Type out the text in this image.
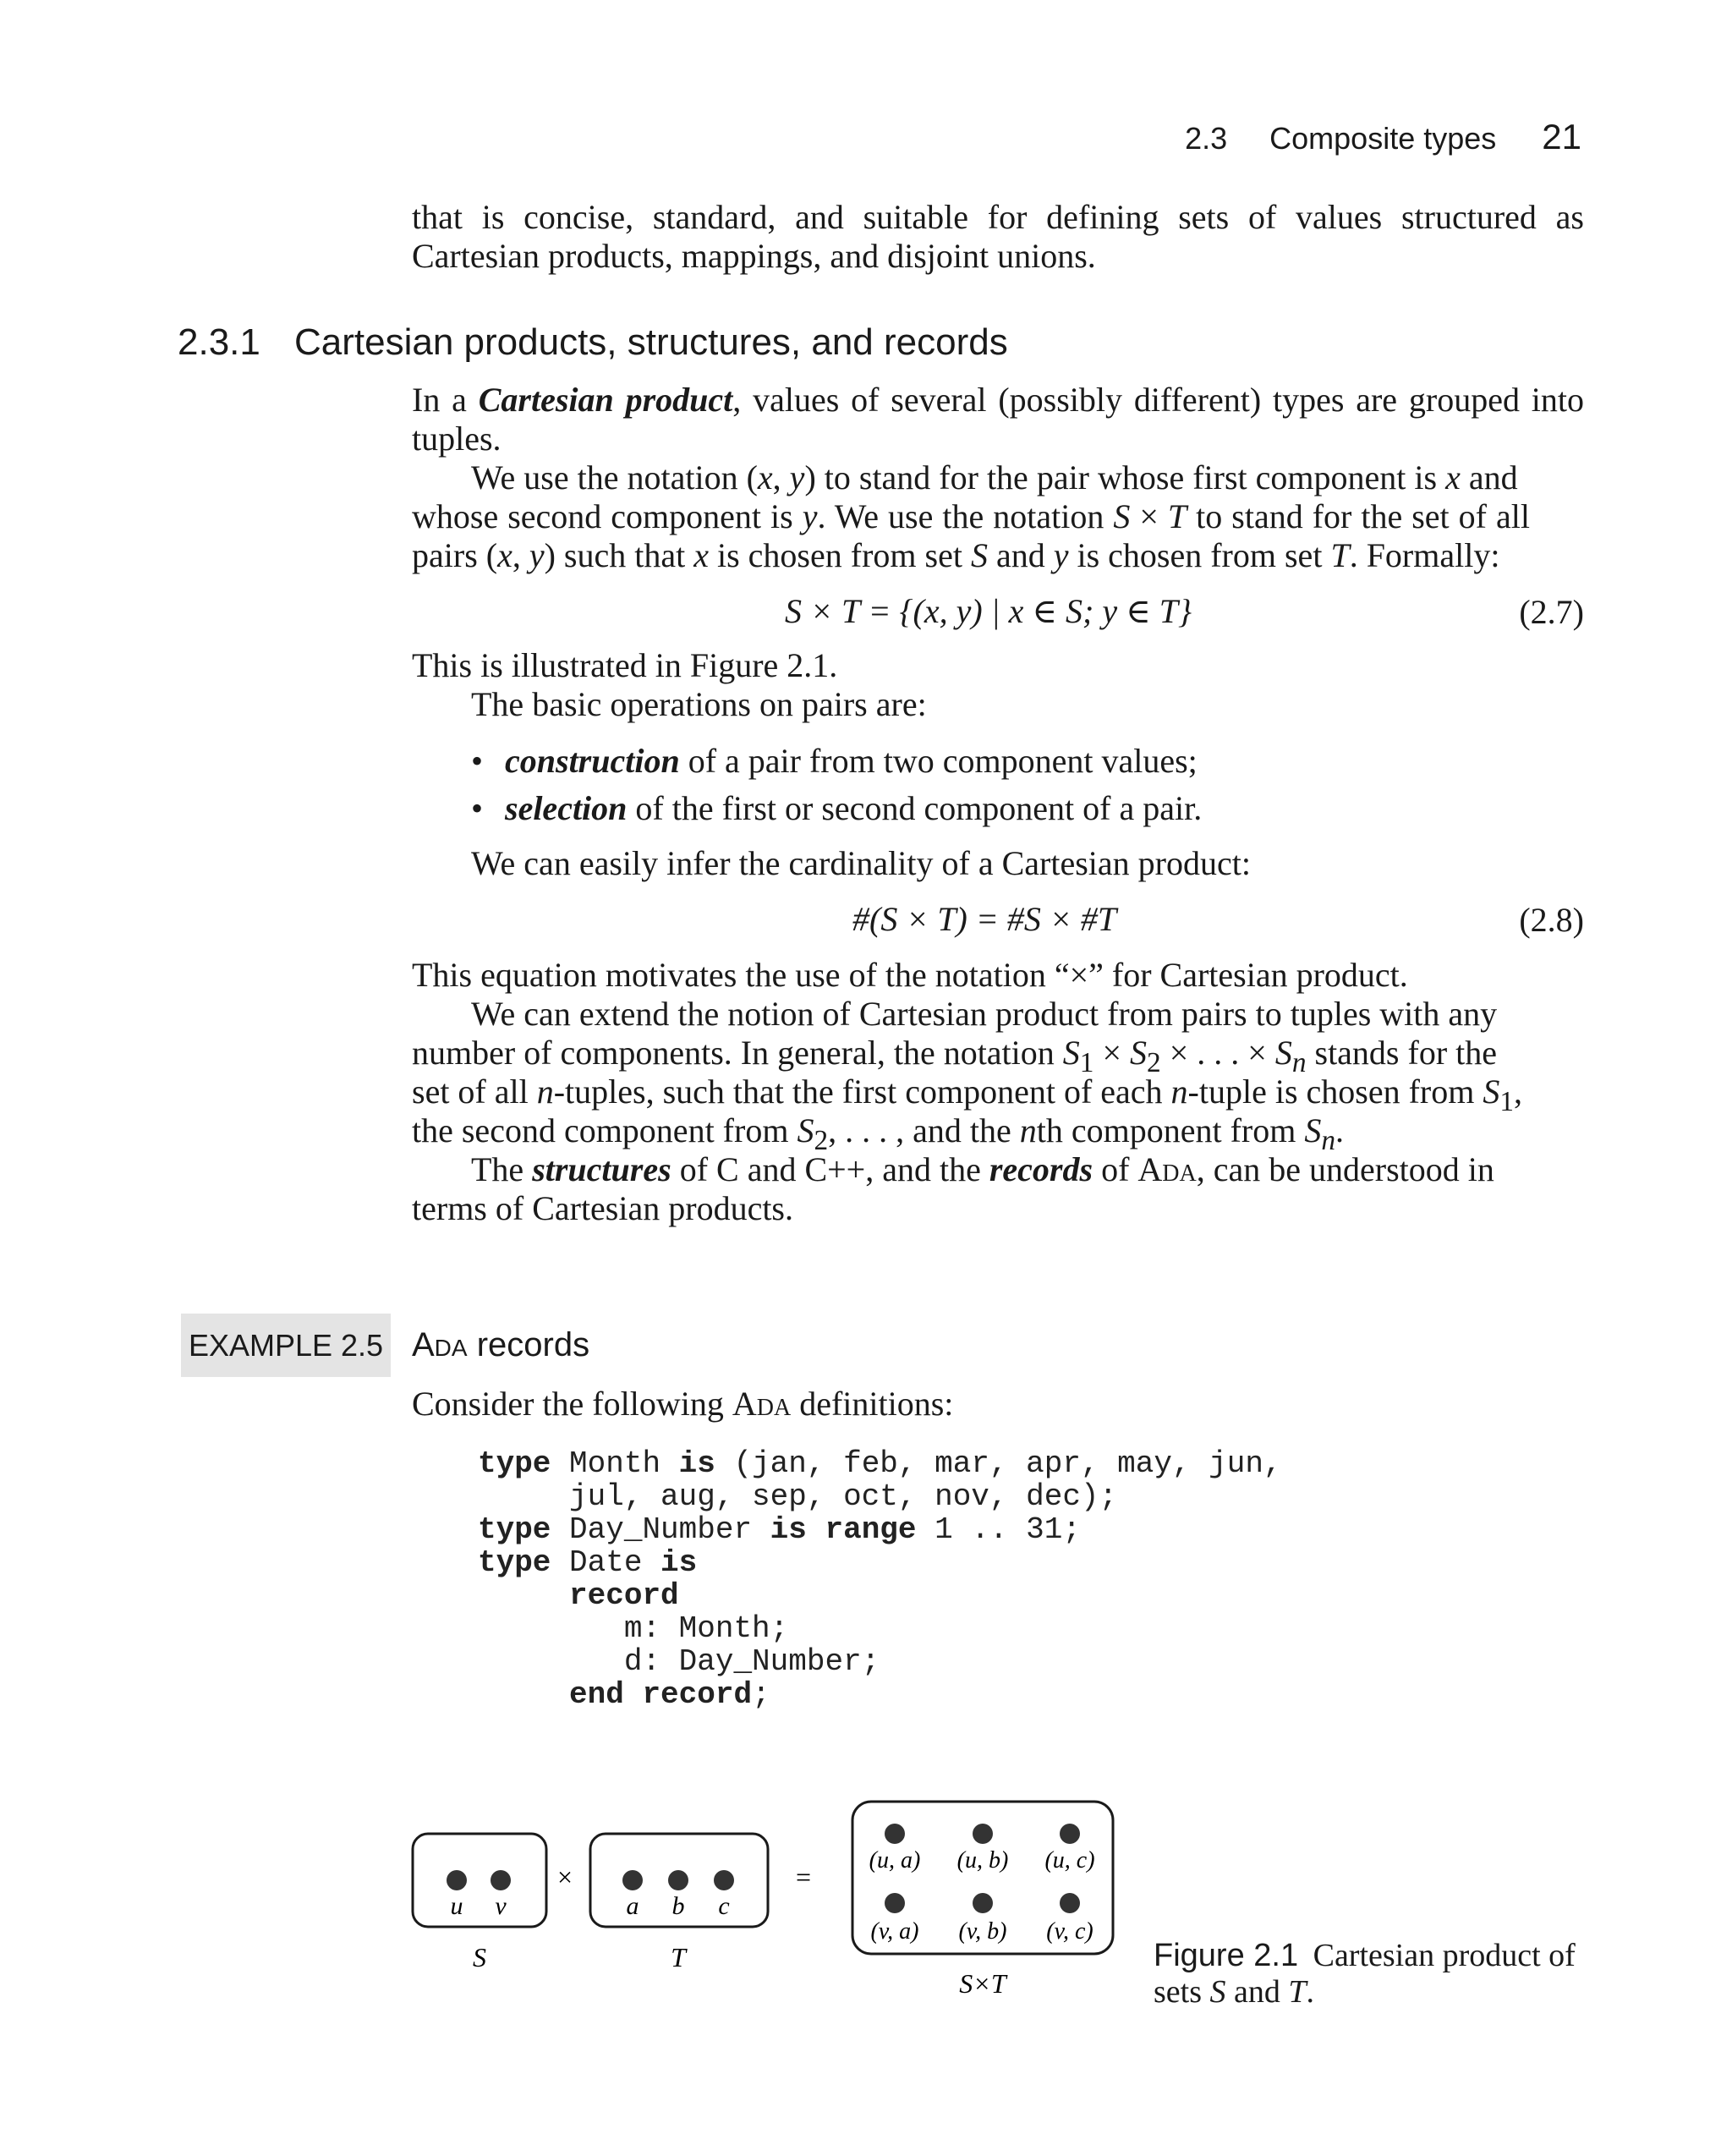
2.3 Composite types 21
that is concise, standard, and suitable for defining sets of values structured as
Cartesian products, mappings, and disjoint unions.
2.3.1 Cartesian products, structures, and records
In a Cartesian product, values of several (possibly different) types are grouped into tuples.
We use the notation (x, y) to stand for the pair whose first component is x and
whose second component is y. We use the notation S × T to stand for the set of all
pairs (x, y) such that x is chosen from set S and y is chosen from set T. Formally:
S × T = {(x, y) | x ∈ S; y ∈ T}	(2.7)
This is illustrated in Figure 2.1.
The basic operations on pairs are:
• construction of a pair from two component values;
• selection of the first or second component of a pair.
We can easily infer the cardinality of a Cartesian product:
#(S × T) = #S × #T	(2.8)
This equation motivates the use of the notation “×” for Cartesian product.
We can extend the notion of Cartesian product from pairs to tuples with any
number of components. In general, the notation $S_1 \times S_2$ × . . . × $S_n$ stands for the
set of all n-tuples, such that the first component of each n-tuple is chosen from $S_1$,
the second component from $S_2$, . . . , and the nth component from $S_n$.
The structures of C and C++, and the records of Ada, can be understood in
terms of Cartesian products.
EXAMPLE 2.5 Ada records
Consider the following Ada definitions:
type Month is (jan, feb, mar, apr, may, jun,
jul, aug, sep, oct, nov, dec);
type Day_Number is range 1 .. 31;
type Date is
record
m: Month;
d: Day_Number;
end record;
u v
S
×
a b c
T
=
(u, a) (u, b) (u, c)
(v, a) (v, b) (v, c)
S×T
Figure 2.1 Cartesian product of
sets S and T.
